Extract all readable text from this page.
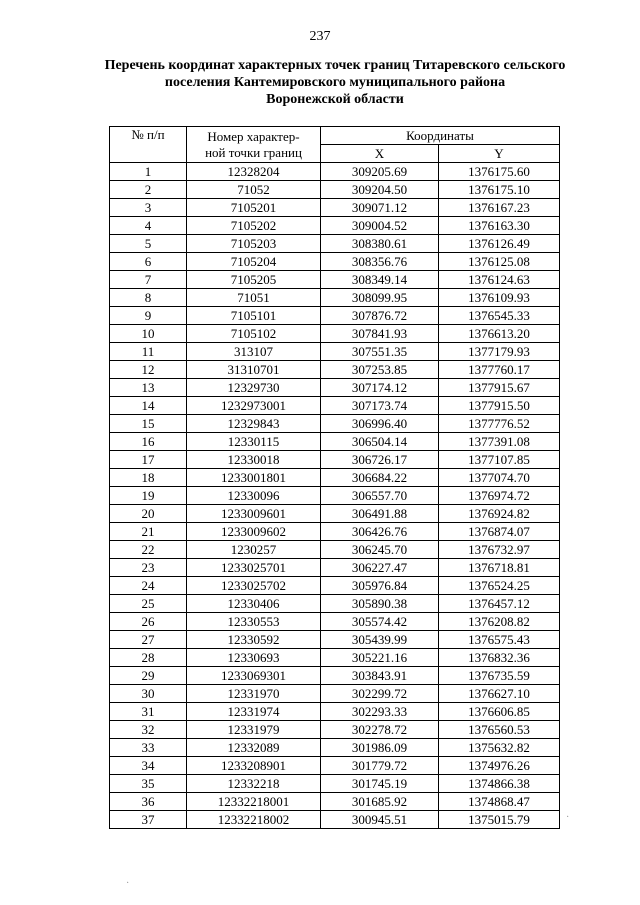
237
Перечень координат характерных точек границ Титаревского сельского
поселения Кантемировского муниципального района
Воронежской области
№ п/п	Номер характер-
ной точки границ	Координаты	
		X	Y
1	12328204	309205.69	1376175.60
2	71052	309204.50	1376175.10
3	7105201	309071.12	1376167.23
4	7105202	309004.52	1376163.30
5	7105203	308380.61	1376126.49
6	7105204	308356.76	1376125.08
7	7105205	308349.14	1376124.63
8	71051	308099.95	1376109.93
9	7105101	307876.72	1376545.33
10	7105102	307841.93	1376613.20
11	313107	307551.35	1377179.93
12	31310701	307253.85	1377760.17
13	12329730	307174.12	1377915.67
14	1232973001	307173.74	1377915.50
15	12329843	306996.40	1377776.52
16	12330115	306504.14	1377391.08
17	12330018	306726.17	1377107.85
18	1233001801	306684.22	1377074.70
19	12330096	306557.70	1376974.72
20	1233009601	306491.88	1376924.82
21	1233009602	306426.76	1376874.07
22	1230257	306245.70	1376732.97
23	1233025701	306227.47	1376718.81
24	1233025702	305976.84	1376524.25
25	12330406	305890.38	1376457.12
26	12330553	305574.42	1376208.82
27	12330592	305439.99	1376575.43
28	12330693	305221.16	1376832.36
29	1233069301	303843.91	1376735.59
30	12331970	302299.72	1376627.10
31	12331974	302293.33	1376606.85
32	12331979	302278.72	1376560.53
33	12332089	301986.09	1375632.82
34	1233208901	301779.72	1374976.26
35	12332218	301745.19	1374866.38
36	12332218001	301685.92	1374868.47
37	12332218002	300945.51	1375015.79	·
·
